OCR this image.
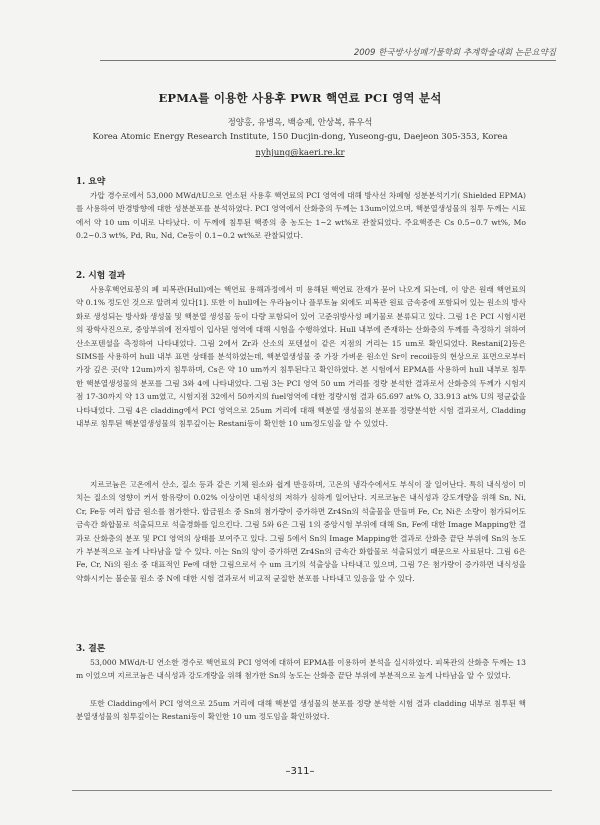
2009 한국방사성폐기물학회 추계학술대회 논문요약집
EPMA를 이용한 사용후 PWR 핵연료 PCI 영역 분석
정양홍, 유병옥, 백승제, 안상복, 류우석
Korea Atomic Energy Research Institute, 150 Ducjin-dong, Yuseong-gu, Daejeon 305-353, Korea
nyhjung@kaeri.re.kr
1. 요약

가압 경수로에서 53,000 MWd/tU으로 연소된 사용후 핵연료의 PCI 영역에 대해 방사선 차폐형 성분분석기기( Shielded EPMA)를 사용하여 반경방향에 대한 성분분포를 분석하였다. PCI 영역에서 산화층의 두께는 13um이었으며, 핵분열생성물의 침투 두께는 시료에서 약 10 um 이내로 나타났다. 이 두께에 침투된 핵종의 총 농도는 1~2 wt%로 관찰되었다. 주요핵종은 Cs 0.5~0.7 wt%, Mo 0.2~0.3 wt%, Pd, Ru, Nd, Ce등이 0.1~0.2 wt%로 관찰되었다.

2. 시험 결과

사용후핵연료봉의 폐 피복관(Hull)에는 핵연료 용해과정에서 미 용해된 핵연료 잔재가 묻어 나오게 되는데, 이 양은 원래 핵연료의 약 0.1% 정도인 것으로 알려져 있다[1]. 또한 이 hull에는 우라늄이나 플루토늄 외에도 피복관 원료 금속중에 포함되어 있는 원소의 방사화로 생성되는 방사화 생성물 및 핵분열 생성물 등이 다량 포함되어 있어 고준위방사성 폐기물로 분류되고 있다. 그림 1은 PCI 시험시편의 광학사진으로, 중앙부위에 전자빔이 입사된 영역에 대해 시험을 수행하였다. Hull 내부에 존재하는 산화층의 두께를 측정하기 위하여 산소포텐셜을 측정하여 나타내었다. 그림 2에서 Zr과 산소의 포텐셜이 같은 지점의 거리는 15 um로 확인되었다. Restani[2]등은 SIMS를 사용하여 hull 내부 표면 상태를 분석하였는데, 핵분열생성물 중 가장 가벼운 원소인 Sr이 recoil등의 현상으로 표면으로부터 가장 깊은 곳(약 12um)까지 침투하며, Cs은 약 10 um까지 침투된다고 확인하였다. 본 시험에서 EPMA를 사용하여 hull 내부로 침투한 핵분열생성물의 분포를 그림 3와 4에 나타내었다. 그림 3는 PCI 영역 50 um 거리를 정량 분석한 결과로서 산화층의 두께가 시험지점 17-30까지 약 13 um였고, 시험지점 32에서 50까지의 fuel영역에 대한 정량시험 결과 65.697 at% O, 33.913 at% U의 평균값을 나타내었다. 그림 4은 cladding에서 PCI 영역으로 25um 거리에 대해 핵분열 생성물의 분포를 정량분석한 시험 결과로서, Cladding 내부로 침투된 핵분열생성물의 침투깊이는 Restani등이 확인한 10 um정도임을 알 수 있었다.

지르코늄은 고온에서 산소, 질소 등과 같은 기체 원소와 쉽게 반응하며, 고온의 냉각수에서도 부식이 잘 일어난다. 특히 내식성이 미치는 질소의 영향이 커서 함유량이 0.02% 이상이면 내식성의 저하가 심하게 일어난다. 지르코늄은 내식성과 강도개량을 위해 Sn, Ni, Cr, Fe등 여러 합금 원소를 첨가한다. 합금원소 중 Sn의 첨가량이 증가하면 Zr4Sn의 석출물을 만들며 Fe, Cr, Ni은 소량이 첨가되어도 금속간 화합물로 석출되므로 석출경화를 일으킨다. 그림 5와 6은 그림 1의 중앙시험 부위에 대해 Sn, Fe에 대한 Image Mapping한 결과로 산화층의 분포 및 PCI 영역의 상태를 보여주고 있다. 그림 5에서 Sn의 Image Mapping한 결과로 산화층 끝단 부위에 Sn의 농도가 부분적으로 높게 나타남을 알 수 있다. 이는 Sn의 양이 증가하면 Zr4Sn의 금속간 화합물로 석출되었기 때문으로 사료된다. 그림 6은 Fe, Cr, Ni의 원소 중 대표적인 Fe에 대한 그림으로서 수 um 크기의 석출상을 나타내고 있으며, 그림 7은 첨가량이 증가하면 내식성을 약화시키는 불순물 원소 중 N에 대한 시험 결과로서 비교적 균질한 분포를 나타내고 있음을 알 수 있다.

3. 결론

53,000 MWd/t-U 연소한 경수로 핵연료의 PCI 영역에 대하여 EPMA를 이용하여 분석을 실시하였다. 피복관의 산화층 두께는 13 m 이었으며 지르코늄은 내식성과 강도개량을 위해 첨가한 Sn의 농도는 산화층 끝단 부위에 부분적으로 높게 나타남을 알 수 있었다.

또한 Cladding에서 PCI 영역으로 25um 거리에 대해 핵분열 생성물의 분포를 정량 분석한 시험 결과 cladding 내부로 침투된 핵분열생성물의 침투깊이는 Restani등이 확인한 10 um 정도임을 확인하였다.

–311–
